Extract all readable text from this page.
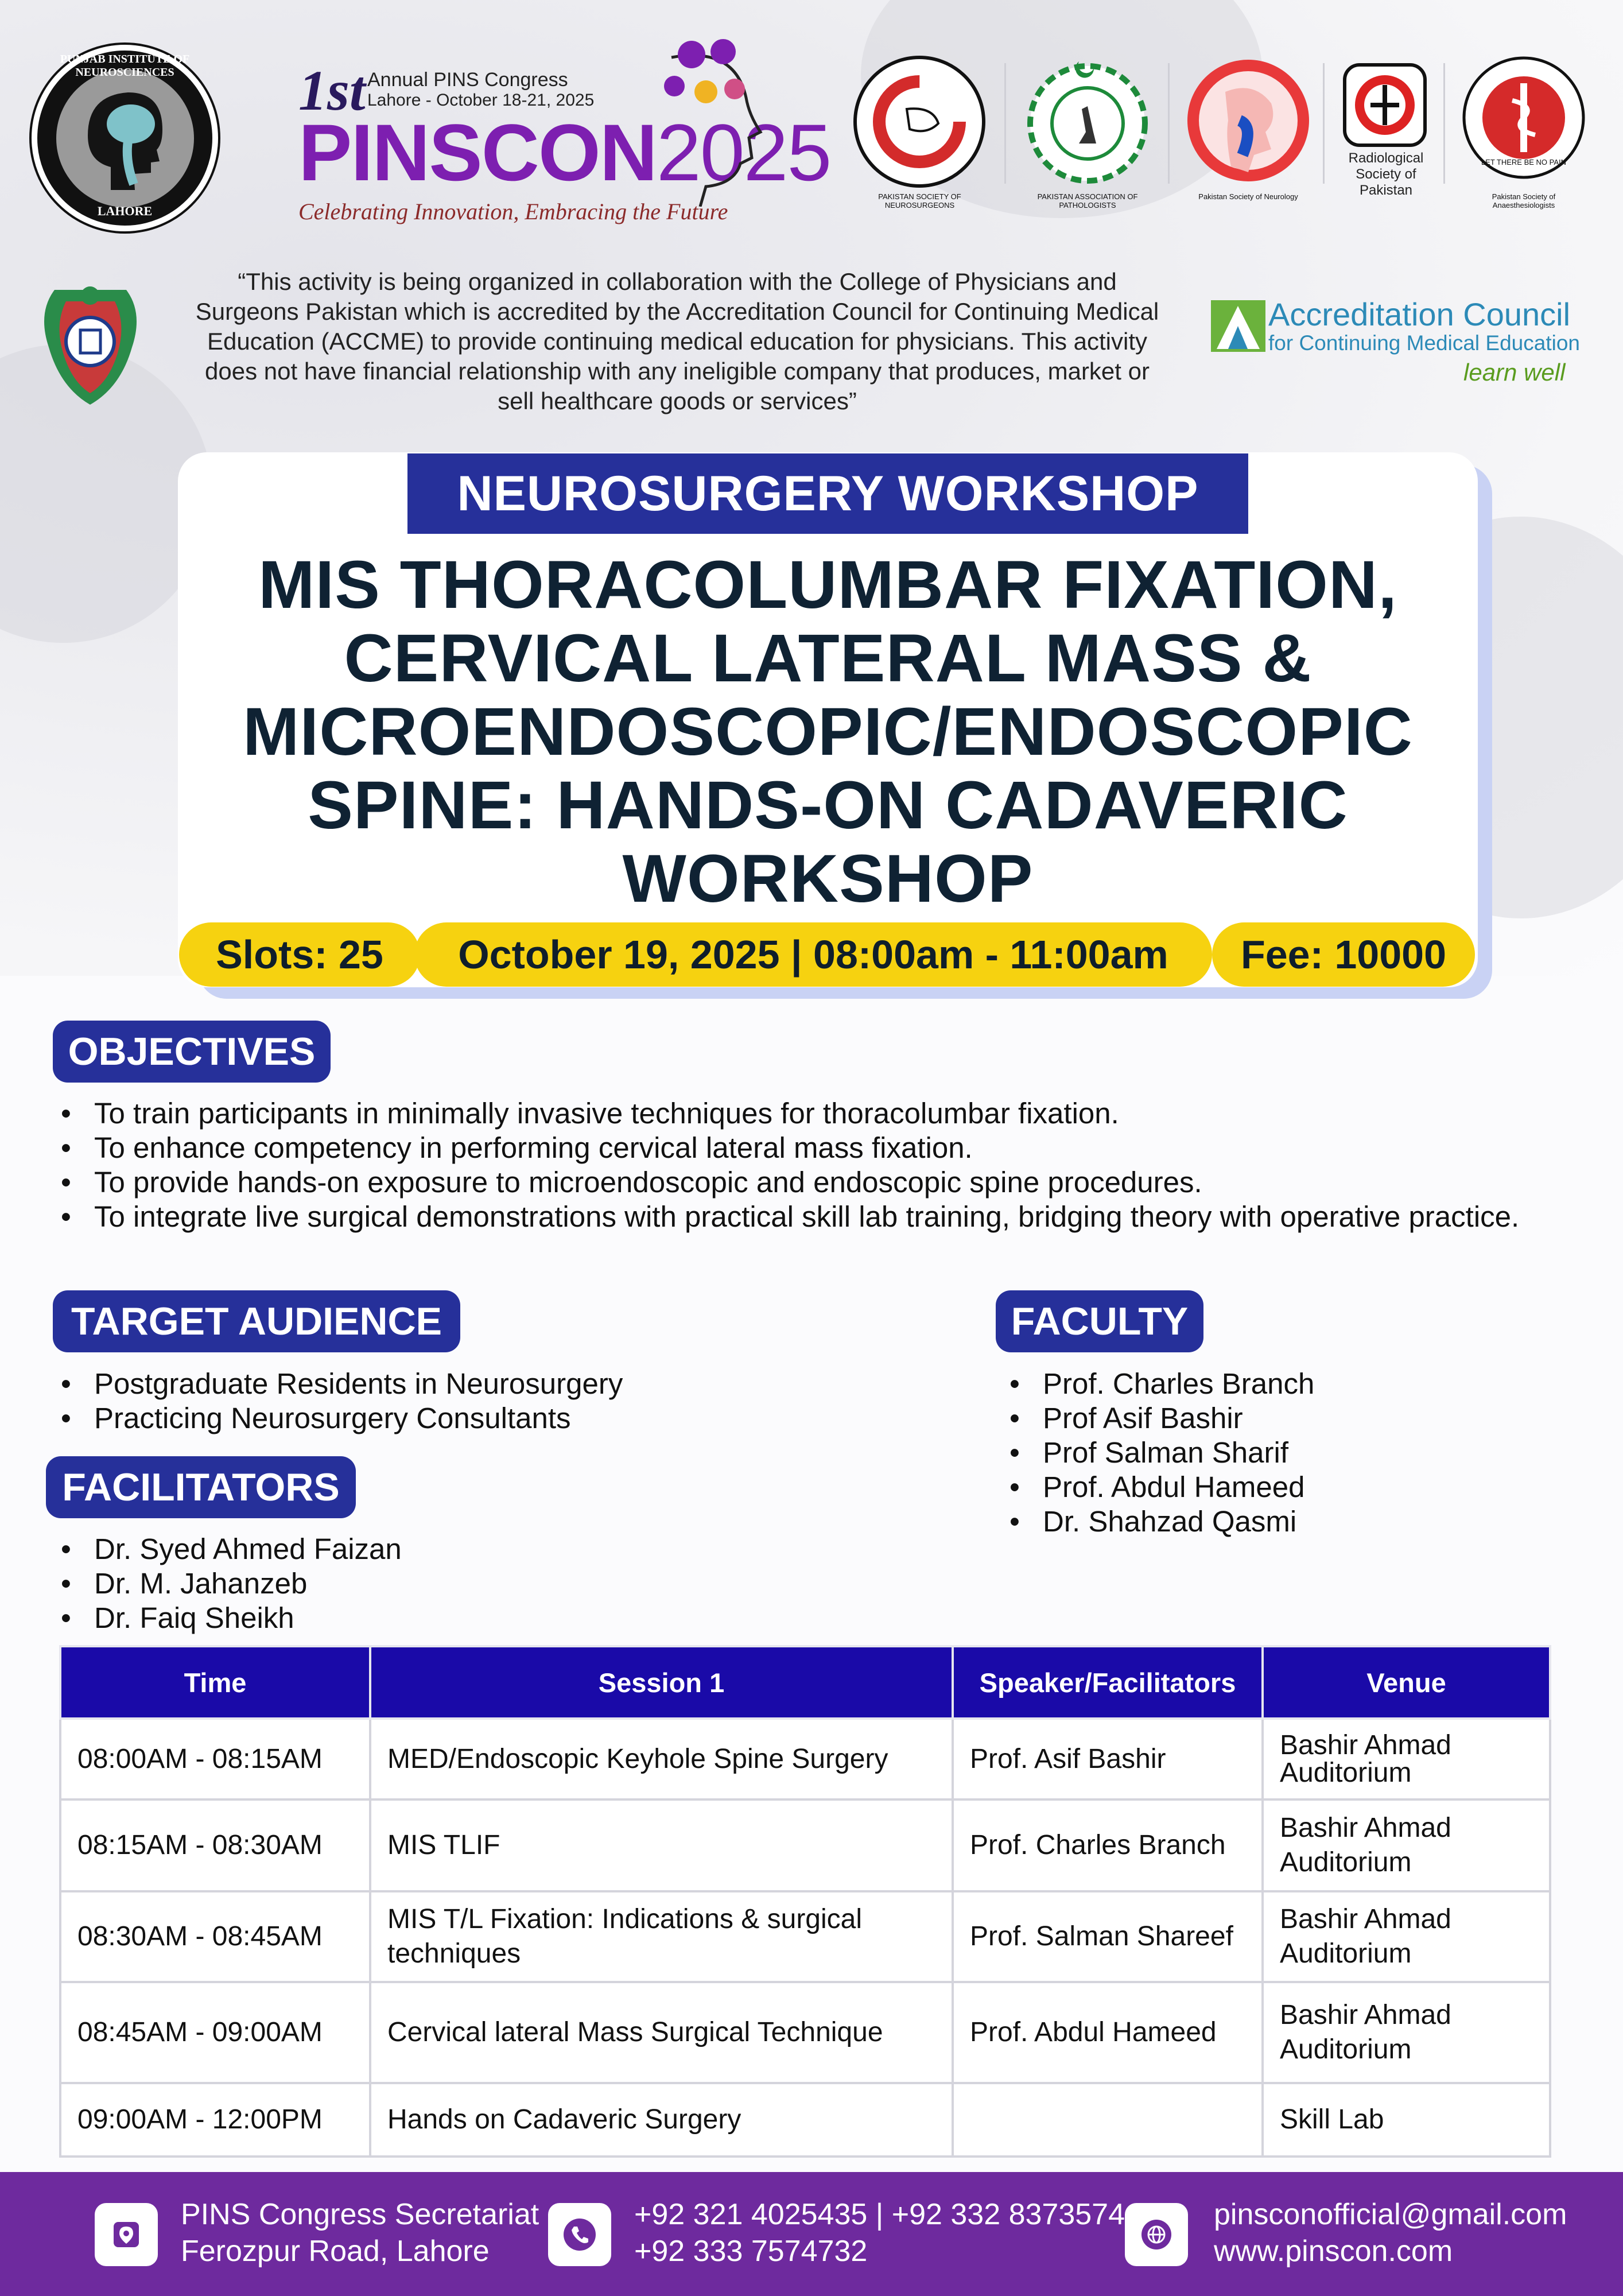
PUNJAB INSTITUTE OF NEUROSCIENCES
LAHORE
1st Annual PINS Congress
Lahore - October 18-21, 2025
PINSCON2025
Celebrating Innovation, Embracing the Future
PAKISTAN SOCIETY OF NEUROSURGEONS
PAKISTAN ASSOCIATION OF PATHOLOGISTS
Pakistan Society of Neurology
Radiological Society of Pakistan
LET THERE BE NO PAIN
Pakistan Society of Anaesthesiologists
“This activity is being organized in collaboration with the College of Physicians and Surgeons Pakistan which is accredited by the Accreditation Council for Continuing Medical Education (ACCME) to provide continuing medical education for physicians. This activity does not have financial relationship with any ineligible company that produces, market or sell healthcare goods or services”
Accreditation Council
for Continuing Medical Education
learn well
NEUROSURGERY WORKSHOP
MIS THORACOLUMBAR FIXATION, CERVICAL LATERAL MASS & MICROENDOSCOPIC/ENDOSCOPIC SPINE: HANDS-ON CADAVERIC WORKSHOP
Slots: 25	October 19, 2025 | 08:00am - 11:00am	Fee: 10000
OBJECTIVES
• To train participants in minimally invasive techniques for thoracolumbar fixation.
• To enhance competency in performing cervical lateral mass fixation.
• To provide hands-on exposure to microendoscopic and endoscopic spine procedures.
• To integrate live surgical demonstrations with practical skill lab training, bridging theory with operative practice.
TARGET AUDIENCE
• Postgraduate Residents in Neurosurgery
• Practicing Neurosurgery Consultants
FACILITATORS
• Dr. Syed Ahmed Faizan
• Dr. M. Jahanzeb
• Dr. Faiq Sheikh
FACULTY
• Prof. Charles Branch
• Prof Asif Bashir
• Prof Salman Sharif
• Prof. Abdul Hameed
• Dr. Shahzad Qasmi
Time	Session 1	Speaker/Facilitators	Venue
08:00AM - 08:15AM	MED/Endoscopic Keyhole Spine Surgery	Prof. Asif Bashir	Bashir Ahmad Auditorium
08:15AM - 08:30AM	MIS TLIF	Prof. Charles Branch	Bashir Ahmad Auditorium
08:30AM - 08:45AM	MIS T/L Fixation: Indications & surgical techniques	Prof. Salman Shareef	Bashir Ahmad Auditorium
08:45AM - 09:00AM	Cervical lateral Mass Surgical Technique	Prof. Abdul Hameed	Bashir Ahmad Auditorium
09:00AM - 12:00PM	Hands on Cadaveric Surgery		Skill Lab
PINS Congress Secretariat
Ferozpur Road, Lahore
+92 321 4025435 | +92 332 8373574
+92 333 7574732
pinsconofficial@gmail.com
www.pinscon.com
